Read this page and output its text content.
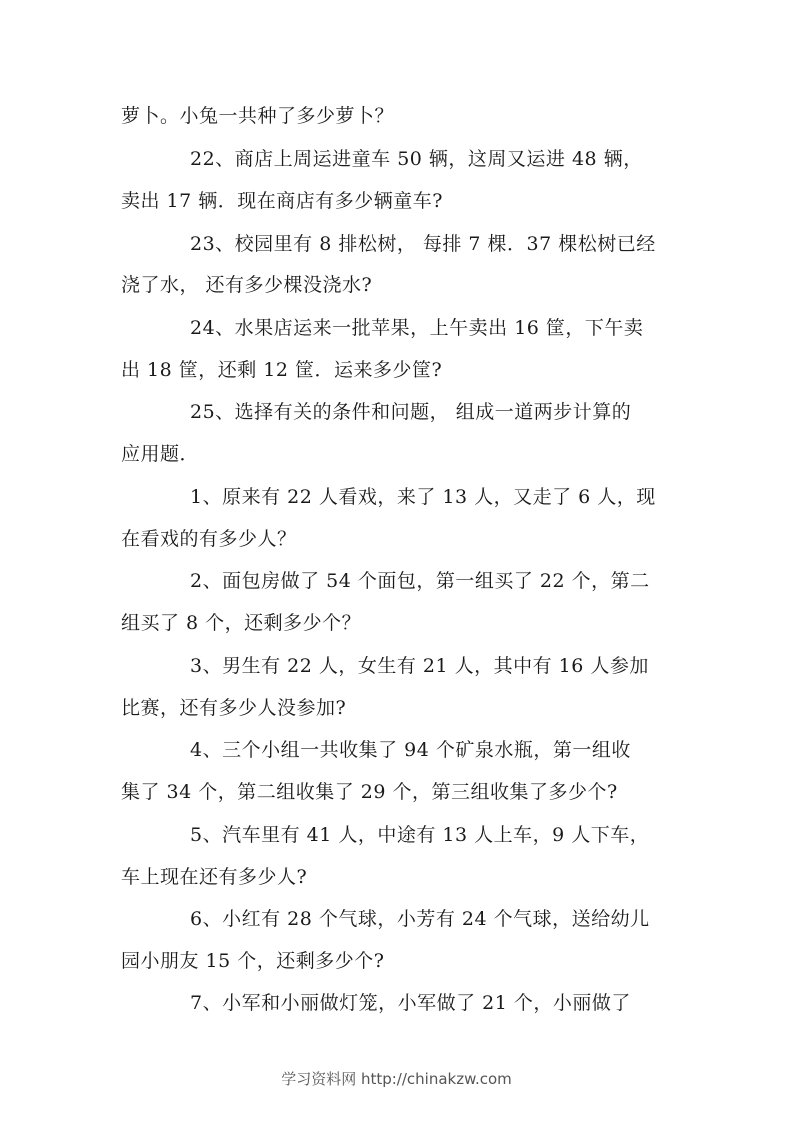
萝卜。小兔一共种了多少萝卜？
22、商店上周运进童车 50 辆，这周又运进 48 辆，
卖出 17 辆．现在商店有多少辆童车?
23、校园里有 8 排松树， 每排 7 棵．37 棵松树已经
浇了水， 还有多少棵没浇水?
24、水果店运来一批苹果，上午卖出 16 筐，下午卖
出 18 筐，还剩 12 筐．运来多少筐?
25、选择有关的条件和问题， 组成一道两步计算的
应用题．
1、原来有 22 人看戏，来了 13 人，又走了 6 人，现
在看戏的有多少人？
2、面包房做了 54 个面包，第一组买了 22 个，第二
组买了 8 个，还剩多少个？
3、男生有 22 人，女生有 21 人，其中有 16 人参加
比赛，还有多少人没参加?
4、三个小组一共收集了 94 个矿泉水瓶，第一组收
集了 34 个，第二组收集了 29 个，第三组收集了多少个?
5、汽车里有 41 人，中途有 13 人上车，9 人下车，
车上现在还有多少人?
6、小红有 28 个气球，小芳有 24 个气球，送给幼儿
园小朋友 15 个，还剩多少个?
7、小军和小丽做灯笼，小军做了 21 个，小丽做了
学习资料网 http://chinakzw.com
